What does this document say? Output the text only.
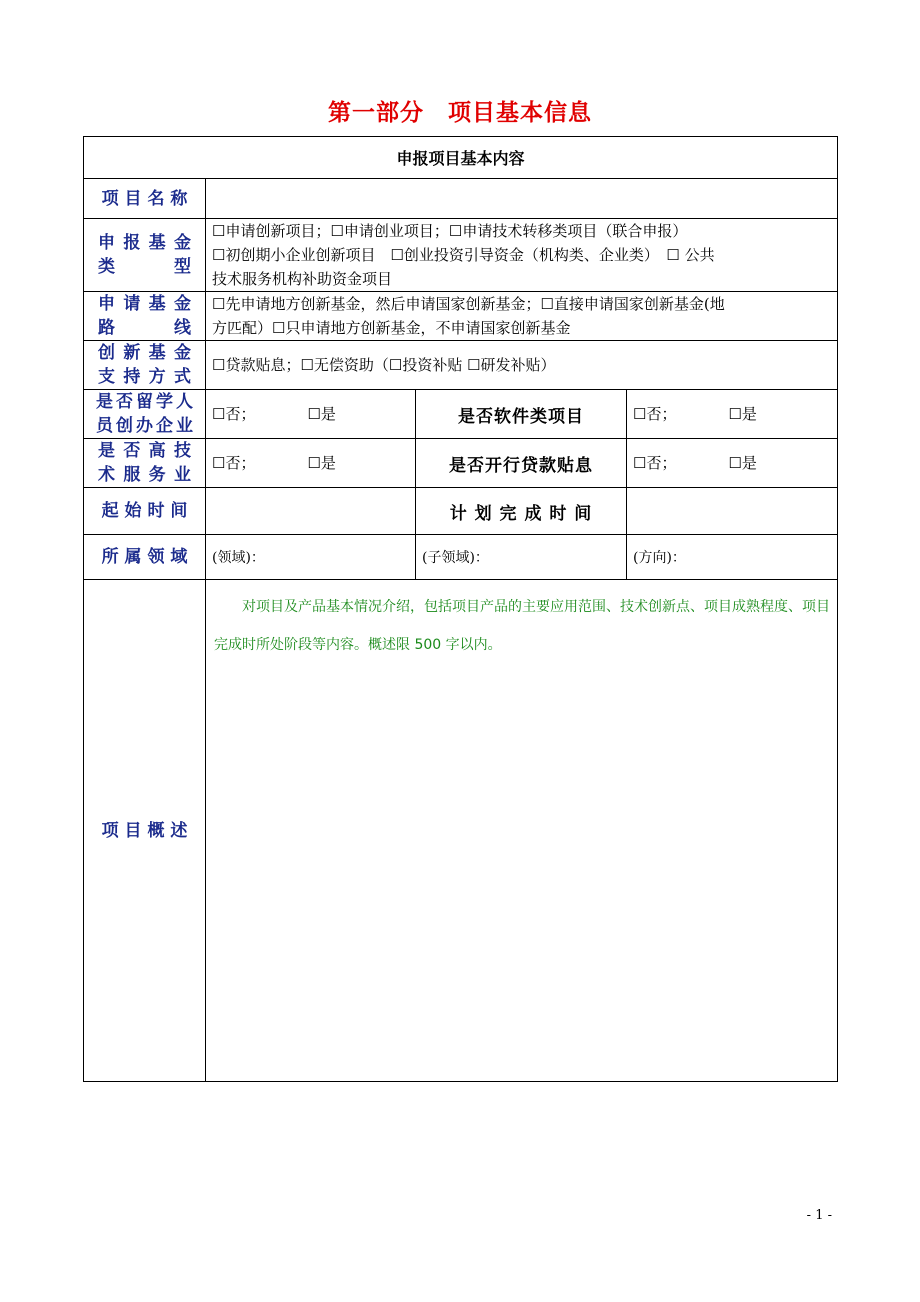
第一部分　项目基本信息
申报项目基本内容			
项 目 名 称			

申报基金
类　　型	☐申请创新项目；☐申请创业项目；☐申请技术转移类项目（联合申报）
☐初创期小企业创新项目　☐创业投资引导资金（机构类、企业类）　☐ 公共
技术服务机构补助资金项目		

申请基金
路　　线	☐先申请地方创新基金，然后申请国家创新基金；☐直接申请国家创新基金(地
方匹配）☐只申请地方创新基金，不申请国家创新基金		

创新基金
支持方式	☐贷款贴息；☐无偿资助（☐投资补贴 ☐研发补贴）		

是否留学人
员创办企业	☐否； ☐是	是否软件类项目	☐否； ☐是

是否高技
术服务业	☐否； ☐是	是否开行贷款贴息	☐否； ☐是
起 始 时 间		计 划 完 成 时 间	
所 属 领 域	(领域)：	(子领域)：	(方向)：
项 目 概 述	对项目及产品基本情况介绍，包括项目产品的主要应用范围、技术创新点、项目成熟程度、项目完成时所处阶段等内容。概述限 500 字以内。		

- 1 -
